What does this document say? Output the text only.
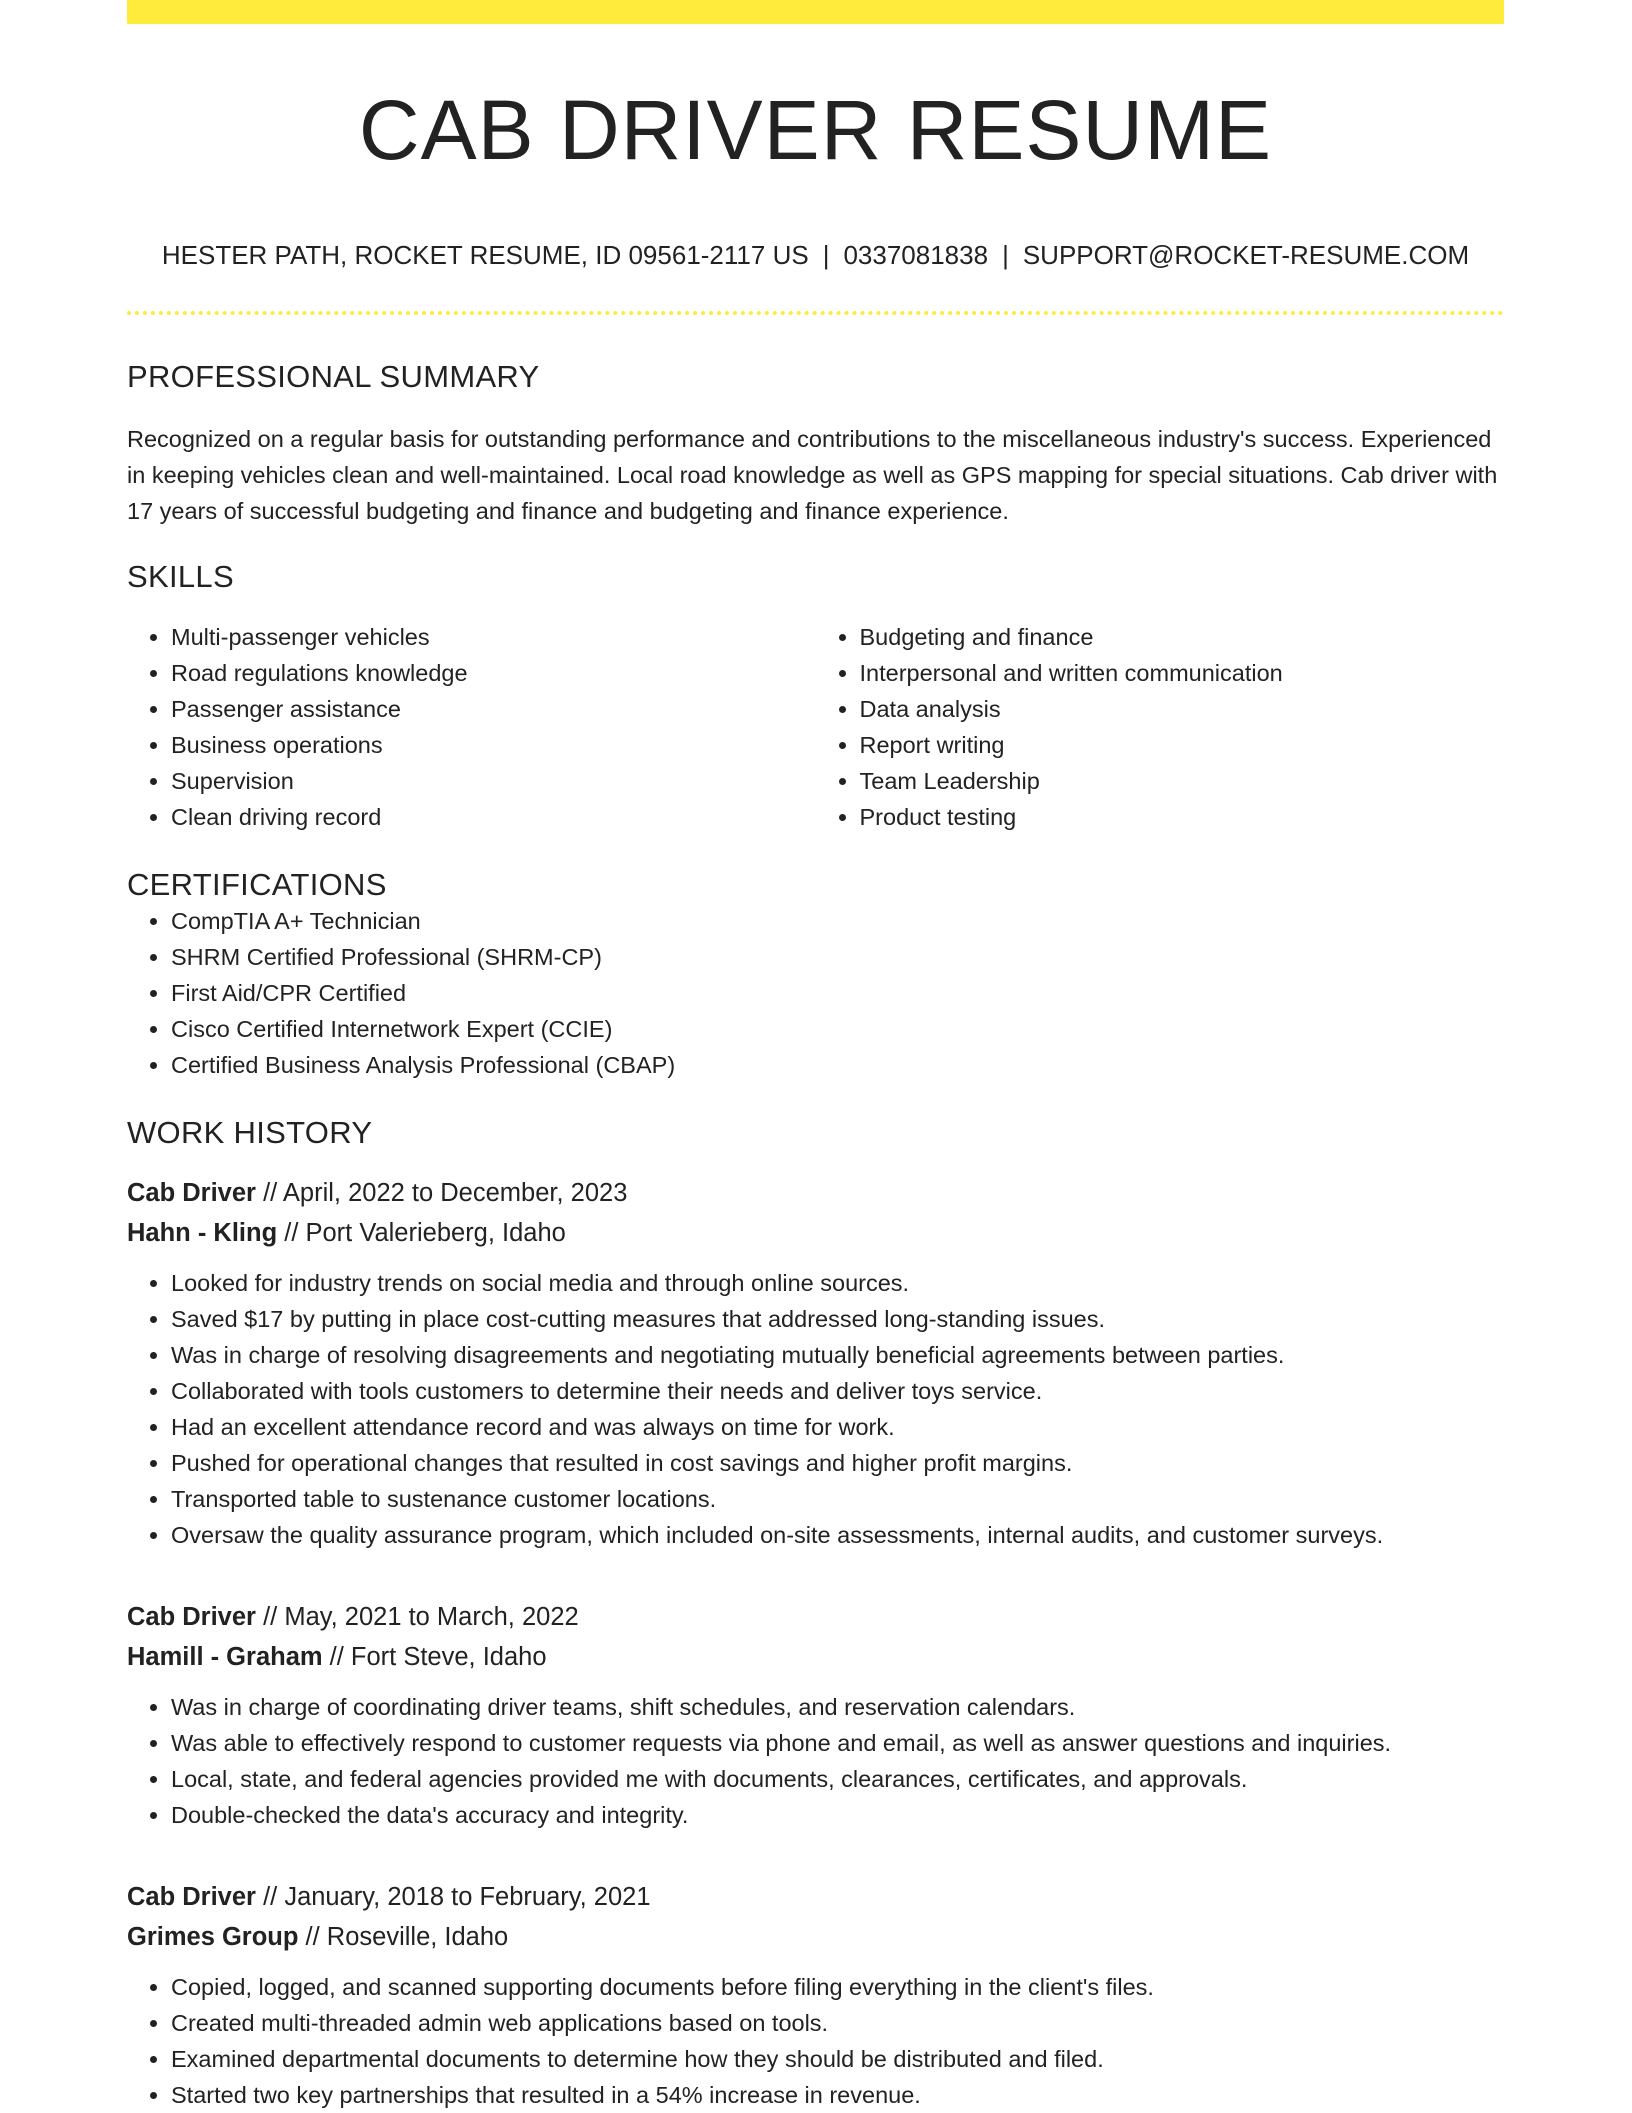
CAB DRIVER RESUME
HESTER PATH, ROCKET RESUME, ID 09561-2117 US | 0337081838 | SUPPORT@ROCKET-RESUME.COM
PROFESSIONAL SUMMARY

Recognized on a regular basis for outstanding performance and contributions to the miscellaneous industry's success. Experienced in keeping vehicles clean and well-maintained. Local road knowledge as well as GPS mapping for special situations. Cab driver with 17 years of successful budgeting and finance and budgeting and finance experience.

SKILLS
• Multi-passenger vehicles
• Road regulations knowledge
• Passenger assistance
• Business operations
• Supervision
• Clean driving record
• Budgeting and finance
• Interpersonal and written communication
• Data analysis
• Report writing
• Team Leadership
• Product testing
CERTIFICATIONS
• CompTIA A+ Technician
• SHRM Certified Professional (SHRM-CP)
• First Aid/CPR Certified
• Cisco Certified Internetwork Expert (CCIE)
• Certified Business Analysis Professional (CBAP)
WORK HISTORY
Cab Driver // April, 2022 to December, 2023
Hahn - Kling // Port Valerieberg, Idaho
• Looked for industry trends on social media and through online sources.
• Saved $17 by putting in place cost-cutting measures that addressed long-standing issues.
• Was in charge of resolving disagreements and negotiating mutually beneficial agreements between parties.
• Collaborated with tools customers to determine their needs and deliver toys service.
• Had an excellent attendance record and was always on time for work.
• Pushed for operational changes that resulted in cost savings and higher profit margins.
• Transported table to sustenance customer locations.
• Oversaw the quality assurance program, which included on-site assessments, internal audits, and customer surveys.
Cab Driver // May, 2021 to March, 2022
Hamill - Graham // Fort Steve, Idaho
• Was in charge of coordinating driver teams, shift schedules, and reservation calendars.
• Was able to effectively respond to customer requests via phone and email, as well as answer questions and inquiries.
• Local, state, and federal agencies provided me with documents, clearances, certificates, and approvals.
• Double-checked the data's accuracy and integrity.
Cab Driver // January, 2018 to February, 2021
Grimes Group // Roseville, Idaho
• Copied, logged, and scanned supporting documents before filing everything in the client's files.
• Created multi-threaded admin web applications based on tools.
• Examined departmental documents to determine how they should be distributed and filed.
• Started two key partnerships that resulted in a 54% increase in revenue.
